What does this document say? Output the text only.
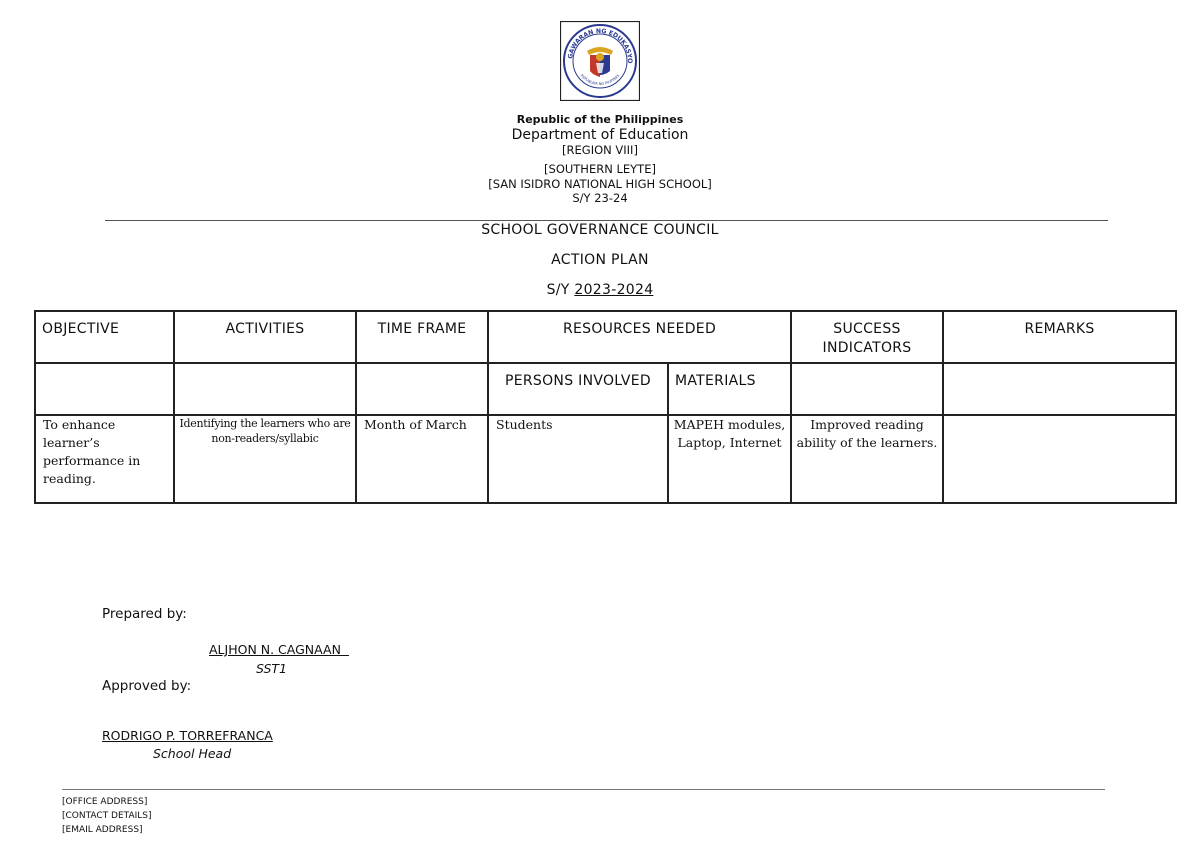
GAWARAN NG EDUKASYO
REPUBLIKA NG PILIPINAS
Republic of the Philippines
Department of Education
[REGION VIII]
[SOUTHERN LEYTE]
[SAN ISIDRO NATIONAL HIGH SCHOOL]
S/Y 23-24
SCHOOL GOVERNANCE COUNCIL
ACTION PLAN
S/Y 2023-2024
OBJECTIVE	ACTIVITIES	TIME FRAME	RESOURCES NEEDED		SUCCESS INDICATORS	REMARKS
			PERSONS INVOLVED	MATERIALS		
To enhance learner’s performance in reading.	Identifying the learners who are non-readers/syllabic	Month of March	Students	MAPEH modules, Laptop, Internet	Improved reading ability of the learners.	
Prepared by:
ALJHON N. CAGNAAN
SST1
Approved by:
RODRIGO P. TORREFRANCA
School Head
[OFFICE ADDRESS]
[CONTACT DETAILS]
[EMAIL ADDRESS]
